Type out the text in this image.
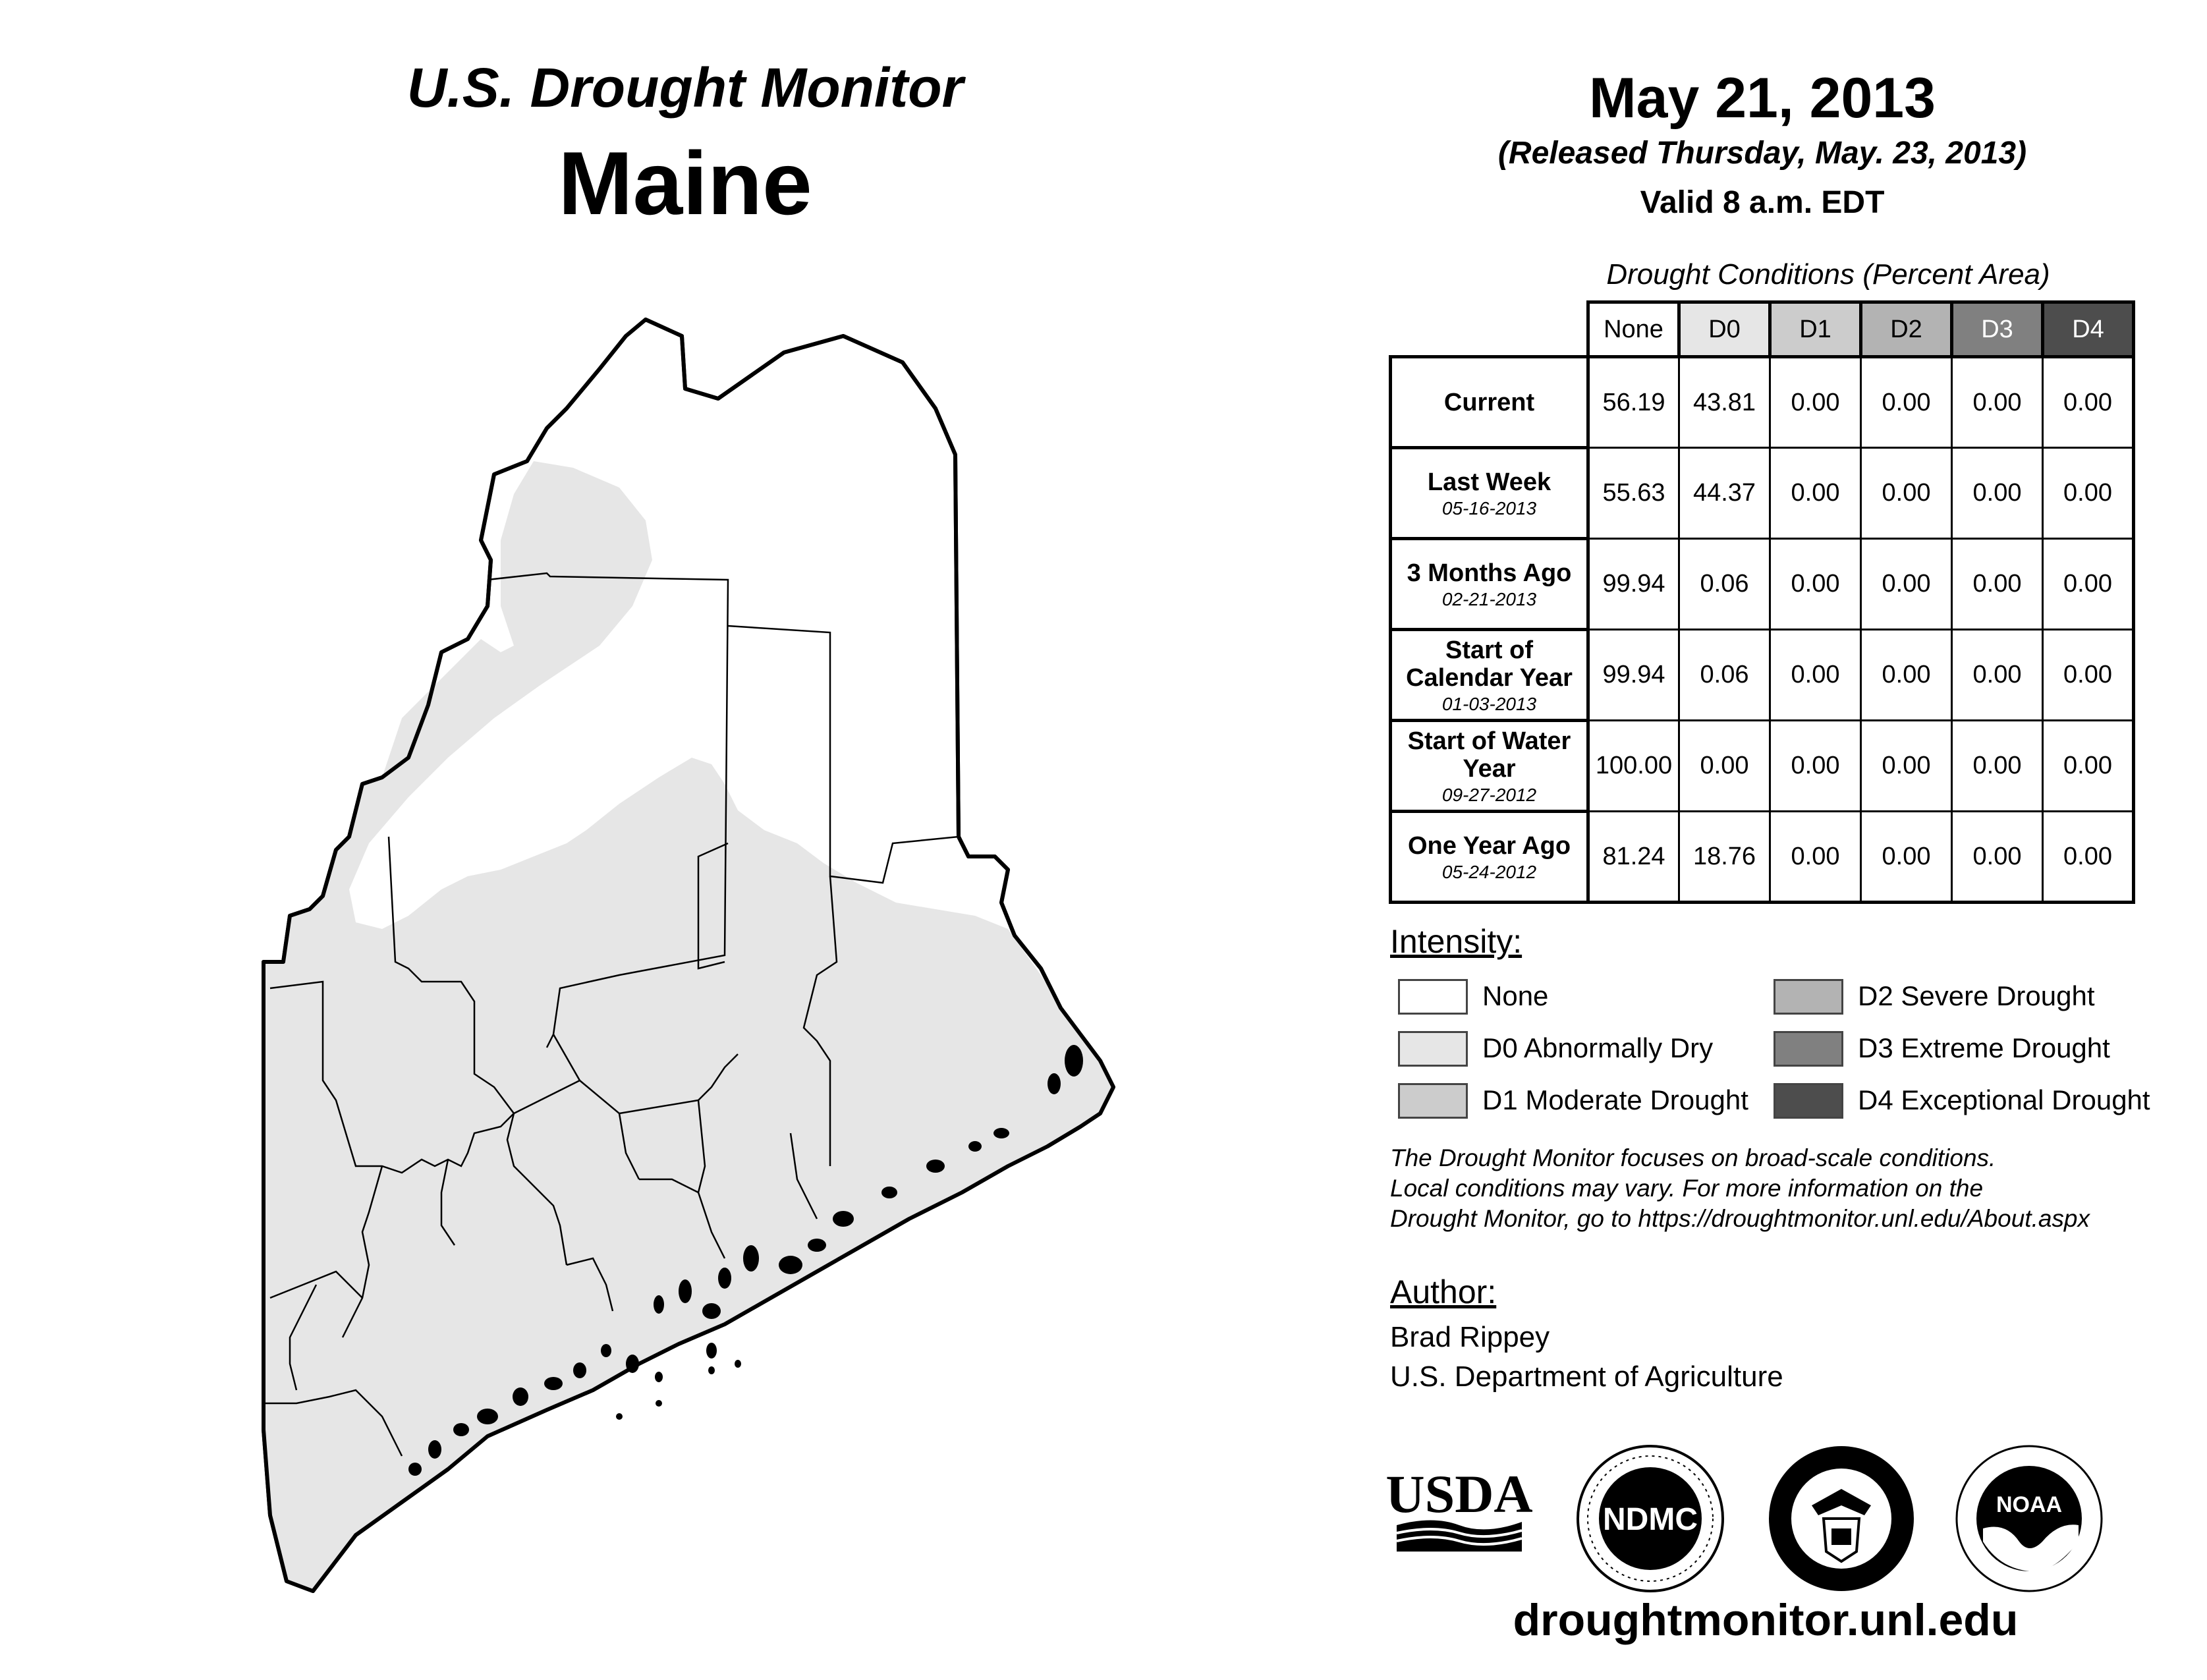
U.S. Drought Monitor
Maine
May 21, 2013
(Released Thursday, May. 23, 2013)
Valid 8 a.m. EDT
Drought Conditions (Percent Area)
	None	D0	D1	D2	D3	D4
Current	56.19	43.81	0.00	0.00	0.00	0.00
Last Week
05-16-2013	55.63	44.37	0.00	0.00	0.00	0.00
3 Months Ago
02-21-2013	99.94	0.06	0.00	0.00	0.00	0.00
Start of Calendar Year
01-03-2013	99.94	0.06	0.00	0.00	0.00	0.00
Start of Water Year
09-27-2012	100.00	0.00	0.00	0.00	0.00	0.00
One Year Ago
05-24-2012	81.24	18.76	0.00	0.00	0.00	0.00
Intensity:
None
D0 Abnormally Dry
D1 Moderate Drought
D2 Severe Drought
D3 Extreme Drought
D4 Exceptional Drought
The Drought Monitor focuses on broad-scale conditions.
Local conditions may vary. For more information on the
Drought Monitor, go to https://droughtmonitor.unl.edu/About.aspx
Author:
Brad Rippey
U.S. Department of Agriculture
USDA NDMC	NOAA
droughtmonitor.unl.edu
